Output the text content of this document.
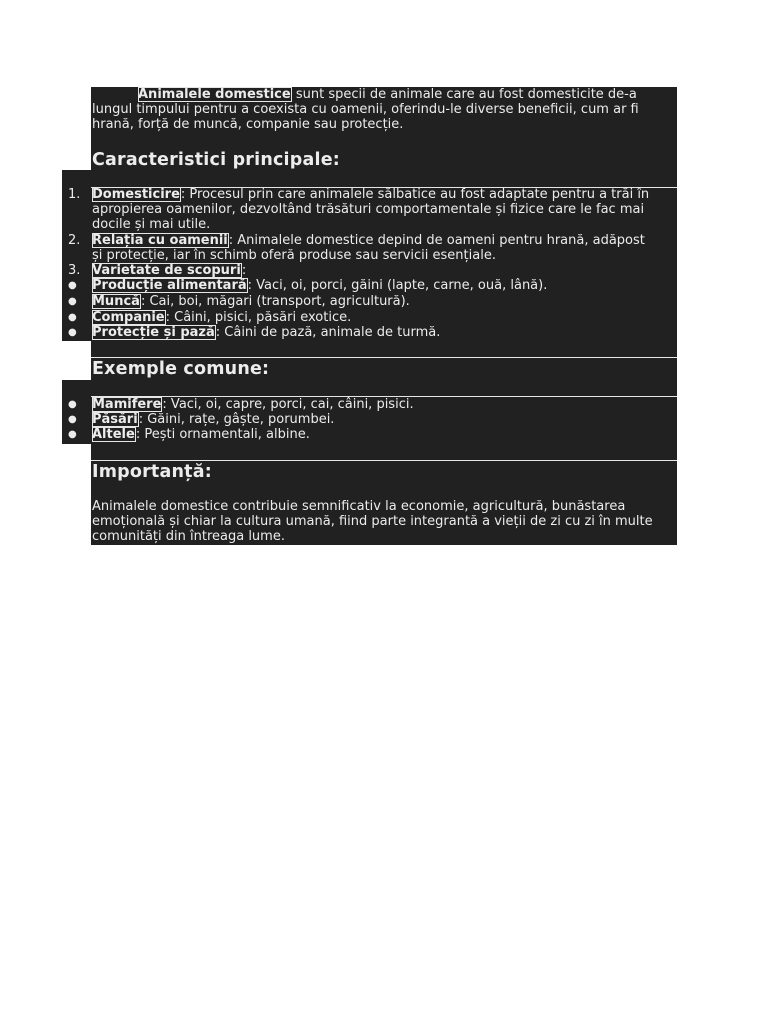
Animalele domestice sunt specii de animale care au fost domesticite de-a
lungul timpului pentru a coexista cu oamenii, oferindu-le diverse beneficii, cum ar fi
hrană, forță de muncă, companie sau protecție.
Caracteristici principale:
1. Domesticire: Procesul prin care animalele sălbatice au fost adaptate pentru a trăi în
apropierea oamenilor, dezvoltând trăsături comportamentale și fizice care le fac mai
docile și mai utile.
2. Relația cu oamenii: Animalele domestice depind de oameni pentru hrană, adăpost
și protecție, iar în schimb oferă produse sau servicii esențiale.
3. Varietate de scopuri:
● Producție alimentară: Vaci, oi, porci, găini (lapte, carne, ouă, lână).
● Muncă: Cai, boi, măgari (transport, agricultură).
● Companie: Câini, pisici, păsări exotice.
● Protecție și pază: Câini de pază, animale de turmă.
Exemple comune:
● Mamifere: Vaci, oi, capre, porci, cai, câini, pisici.
● Păsări: Găini, rațe, gâște, porumbei.
● Altele: Pești ornamentali, albine.
Importanță:
Animalele domestice contribuie semnificativ la economie, agricultură, bunăstarea
emoțională și chiar la cultura umană, fiind parte integrantă a vieții de zi cu zi în multe
comunități din întreaga lume.
